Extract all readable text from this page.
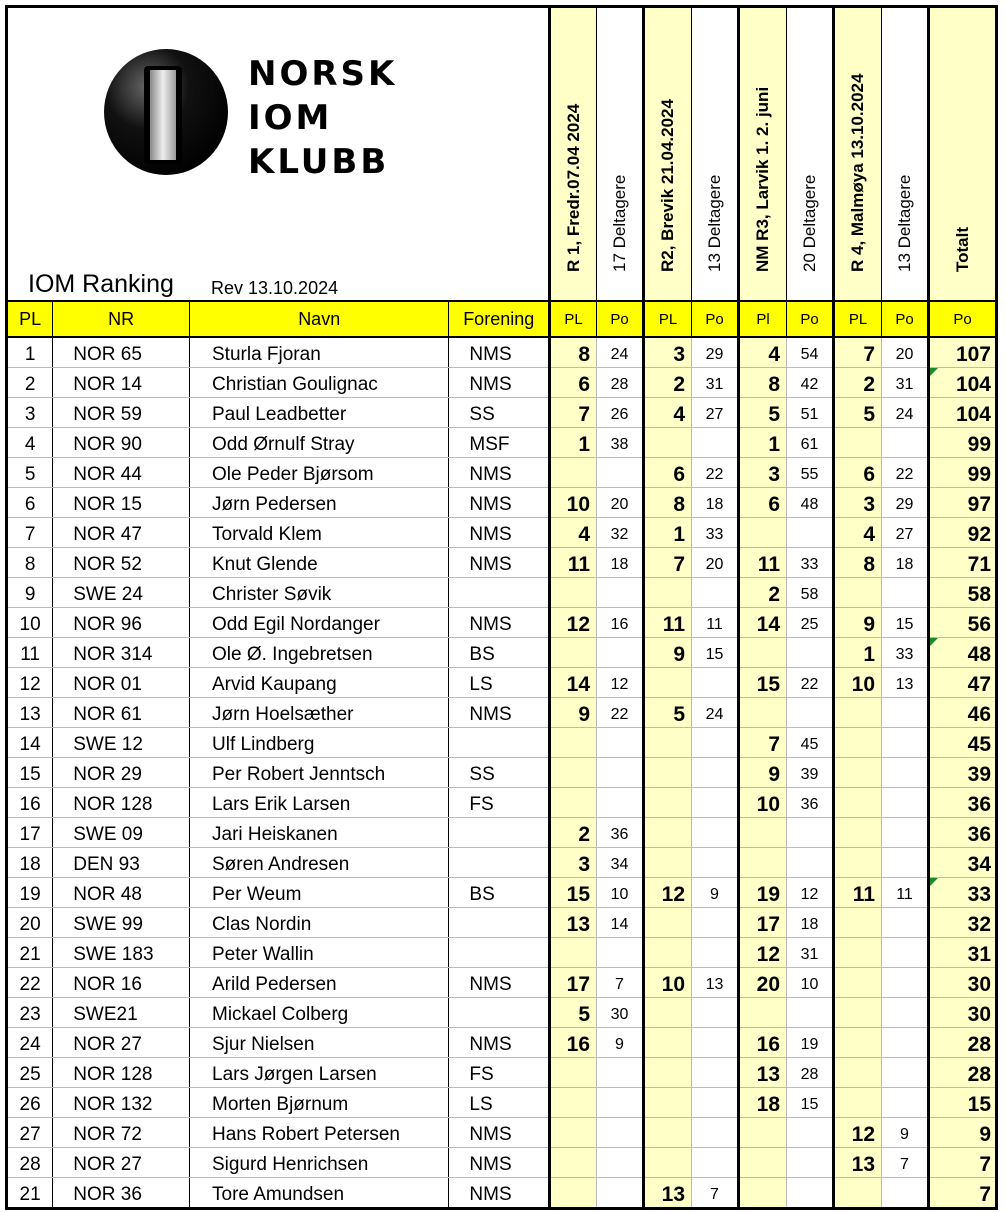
NORSK
IOM
KLUBB
IOM Ranking Rev 13.10.2024				R 1, Fredr.07.04 2024	17 Deltagere	R2, Brevik 21.04.2024	13 Deltagere	NM R3, Larvik 1. 2. juni	20 Deltagere	R 4, Malmøya 13.10.2024	13 Deltagere	Totalt

PL	NR	Navn	Forening	PL	Po	PL	Po	Pl	Po	PL	Po	Po
1	NOR 65	Sturla Fjoran	NMS	8	24	3	29	4	54	7	20	107
2	NOR 14	Christian Goulignac	NMS	6	28	2	31	8	42	2	31	104
3	NOR 59	Paul Leadbetter	SS	7	26	4	27	5	51	5	24	104
4	NOR 90	Odd Ørnulf Stray	MSF	1	38			1	61			99
5	NOR 44	Ole Peder Bjørsom	NMS			6	22	3	55	6	22	99
6	NOR 15	Jørn Pedersen	NMS	10	20	8	18	6	48	3	29	97
7	NOR 47	Torvald Klem	NMS	4	32	1	33			4	27	92
8	NOR 52	Knut Glende	NMS	11	18	7	20	11	33	8	18	71
9	SWE 24	Christer Søvik						2	58			58
10	NOR 96	Odd Egil Nordanger	NMS	12	16	11	11	14	25	9	15	56
11	NOR 314	Ole Ø. Ingebretsen	BS			9	15			1	33	48
12	NOR 01	Arvid Kaupang	LS	14	12			15	22	10	13	47
13	NOR 61	Jørn Hoelsæther	NMS	9	22	5	24					46
14	SWE 12	Ulf Lindberg						7	45			45
15	NOR 29	Per Robert Jenntsch	SS					9	39			39
16	NOR 128	Lars Erik Larsen	FS					10	36			36
17	SWE 09	Jari Heiskanen		2	36							36
18	DEN 93	Søren Andresen		3	34							34
19	NOR 48	Per Weum	BS	15	10	12	9	19	12	11	11	33
20	SWE 99	Clas Nordin		13	14			17	18			32
21	SWE 183	Peter Wallin						12	31			31
22	NOR 16	Arild Pedersen	NMS	17	7	10	13	20	10			30
23	SWE21	Mickael Colberg		5	30							30
24	NOR 27	Sjur Nielsen	NMS	16	9			16	19			28
25	NOR 128	Lars Jørgen Larsen	FS					13	28			28
26	NOR 132	Morten Bjørnum	LS					18	15			15
27	NOR 72	Hans Robert Petersen	NMS							12	9	9
28	NOR 27	Sigurd Henrichsen	NMS							13	7	7
21	NOR 36	Tore Amundsen	NMS			13	7					7
